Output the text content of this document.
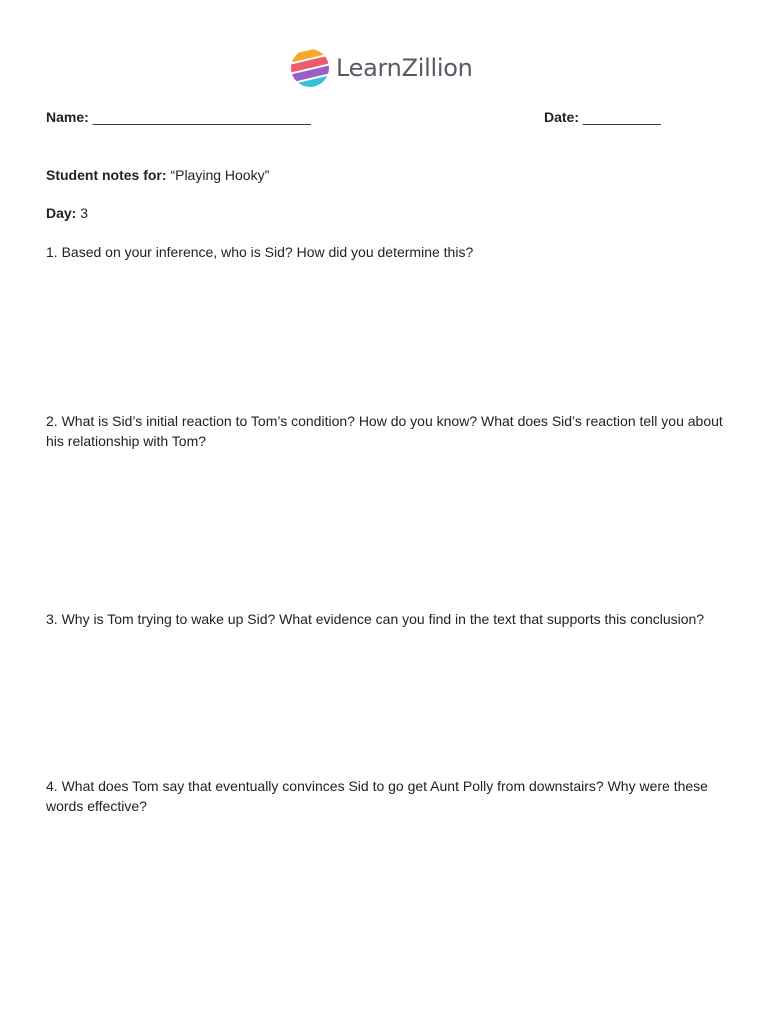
LearnZillion
Name: ____________________________	Date: __________
Student notes for: “Playing Hooky”
Day: 3
1. Based on your inference, who is Sid? How did you determine this?
2. What is Sid’s initial reaction to Tom’s condition? How do you know? What does Sid’s reaction tell you about his relationship with Tom?
3. Why is Tom trying to wake up Sid? What evidence can you find in the text that supports this conclusion?
4. What does Tom say that eventually convinces Sid to go get Aunt Polly from downstairs? Why were these words effective?
